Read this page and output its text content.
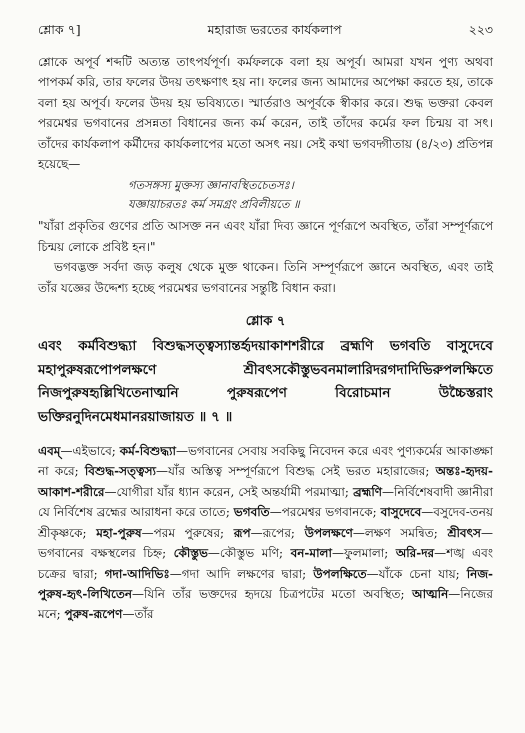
শ্লোক ৭]	মহারাজ ভরতের কার্যকলাপ	২২৩

শ্লোকে অপূর্ব শব্দটি অত্যন্ত তাৎপর্যপূর্ণ। কর্মফলকে বলা হয় অপূর্ব। আমরা যখন পুণ্য অথবা পাপকর্ম করি, তার ফলের উদয় তৎক্ষণাৎ হয় না। ফলের জন্য আমাদের অপেক্ষা করতে হয়, তাকে বলা হয় অপূর্ব। ফলের উদয় হয় ভবিষ্যতে। স্মার্তরাও অপূর্বকে স্বীকার করে। শুদ্ধ ভক্তরা কেবল পরমেশ্বর ভগবানের প্রসন্নতা বিধানের জন্য কর্ম করেন, তাই তাঁদের কর্মের ফল চিন্ময় বা সৎ। তাঁদের কার্যকলাপ কর্মীদের কার্যকলাপের মতো অসৎ নয়। সেই কথা ভগবদ্গীতায় (৪/২৩) প্রতিপন্ন হয়েছে—

গতসঙ্গস্য মুক্তস্য জ্ঞানাবস্থিতচেতসঃ।
যজ্ঞায়াচরতঃ কর্ম সমগ্রং প্রবিলীয়তে ॥

"যাঁরা প্রকৃতির গুণের প্রতি আসক্ত নন এবং যাঁরা দিব্য জ্ঞানে পূর্ণরূপে অবস্থিত, তাঁরা সম্পূর্ণরূপে চিন্ময় লোকে প্রবিষ্ট হন।"

ভগবদ্ভক্ত সর্বদা জড় কলুষ থেকে মুক্ত থাকেন। তিনি সম্পূর্ণরূপে জ্ঞানে অবস্থিত, এবং তাই তাঁর যজ্ঞের উদ্দেশ্য হচ্ছে পরমেশ্বর ভগবানের সন্তুষ্টি বিধান করা।

শ্লোক ৭

এবং কর্মবিশুদ্ধ্যা বিশুদ্ধসত্ত্বস্যান্তর্হৃদয়াকাশশরীরে ব্রহ্মণি ভগবতি বাসুদেবে মহাপুরুষরূপোপলক্ষণে শ্রীবৎসকৌস্তুভবনমালারিদরগদাদিভিরুপলক্ষিতে নিজপুরুষহৃল্লিখিতেনাত্মনি পুরুষরূপেণ বিরোচমান উচ্চৈস্তরাং ভক্তিরনুদিনমেধমানরয়াজায়ত ॥ ৭ ॥

এবম্—এইভাবে; কর্ম-বিশুদ্ধ্যা—ভগবানের সেবায় সবকিছু নিবেদন করে এবং পুণ্যকর্মের আকাঙ্ক্ষা না করে; বিশুদ্ধ-সত্ত্বস্য—যাঁর অস্তিত্ব সম্পূর্ণরূপে বিশুদ্ধ সেই ভরত মহারাজের; অন্তঃ-হৃদয়-আকাশ-শরীরে—যোগীরা যাঁর ধ্যান করেন, সেই অন্তর্যামী পরমাত্মা; ব্রহ্মণি—নির্বিশেষবাদী জ্ঞানীরা যে নির্বিশেষ ব্রহ্মের আরাধনা করে তাতে; ভগবতি—পরমেশ্বর ভগবানকে; বাসুদেবে—বসুদেব-তনয় শ্রীকৃষ্ণকে; মহা-পুরুষ—পরম পুরুষের; রূপ—রূপের; উপলক্ষণে—লক্ষণ সমন্বিত; শ্রীবৎস—ভগবানের বক্ষস্থলের চিহ্ন; কৌস্তুভ—কৌস্তুভ মণি; বন-মালা—ফুলমালা; অরি-দর—শঙ্খ এবং চক্রের দ্বারা; গদা-আদিভিঃ—গদা আদি লক্ষণের দ্বারা; উপলক্ষিতে—যাঁকে চেনা যায়; নিজ-পুরুষ-হৃৎ-লিখিতেন—যিনি তাঁর ভক্তদের হৃদয়ে চিত্রপটের মতো অবস্থিত; আত্মনি—নিজের মনে; পুরুষ-রূপেণ—তাঁর
